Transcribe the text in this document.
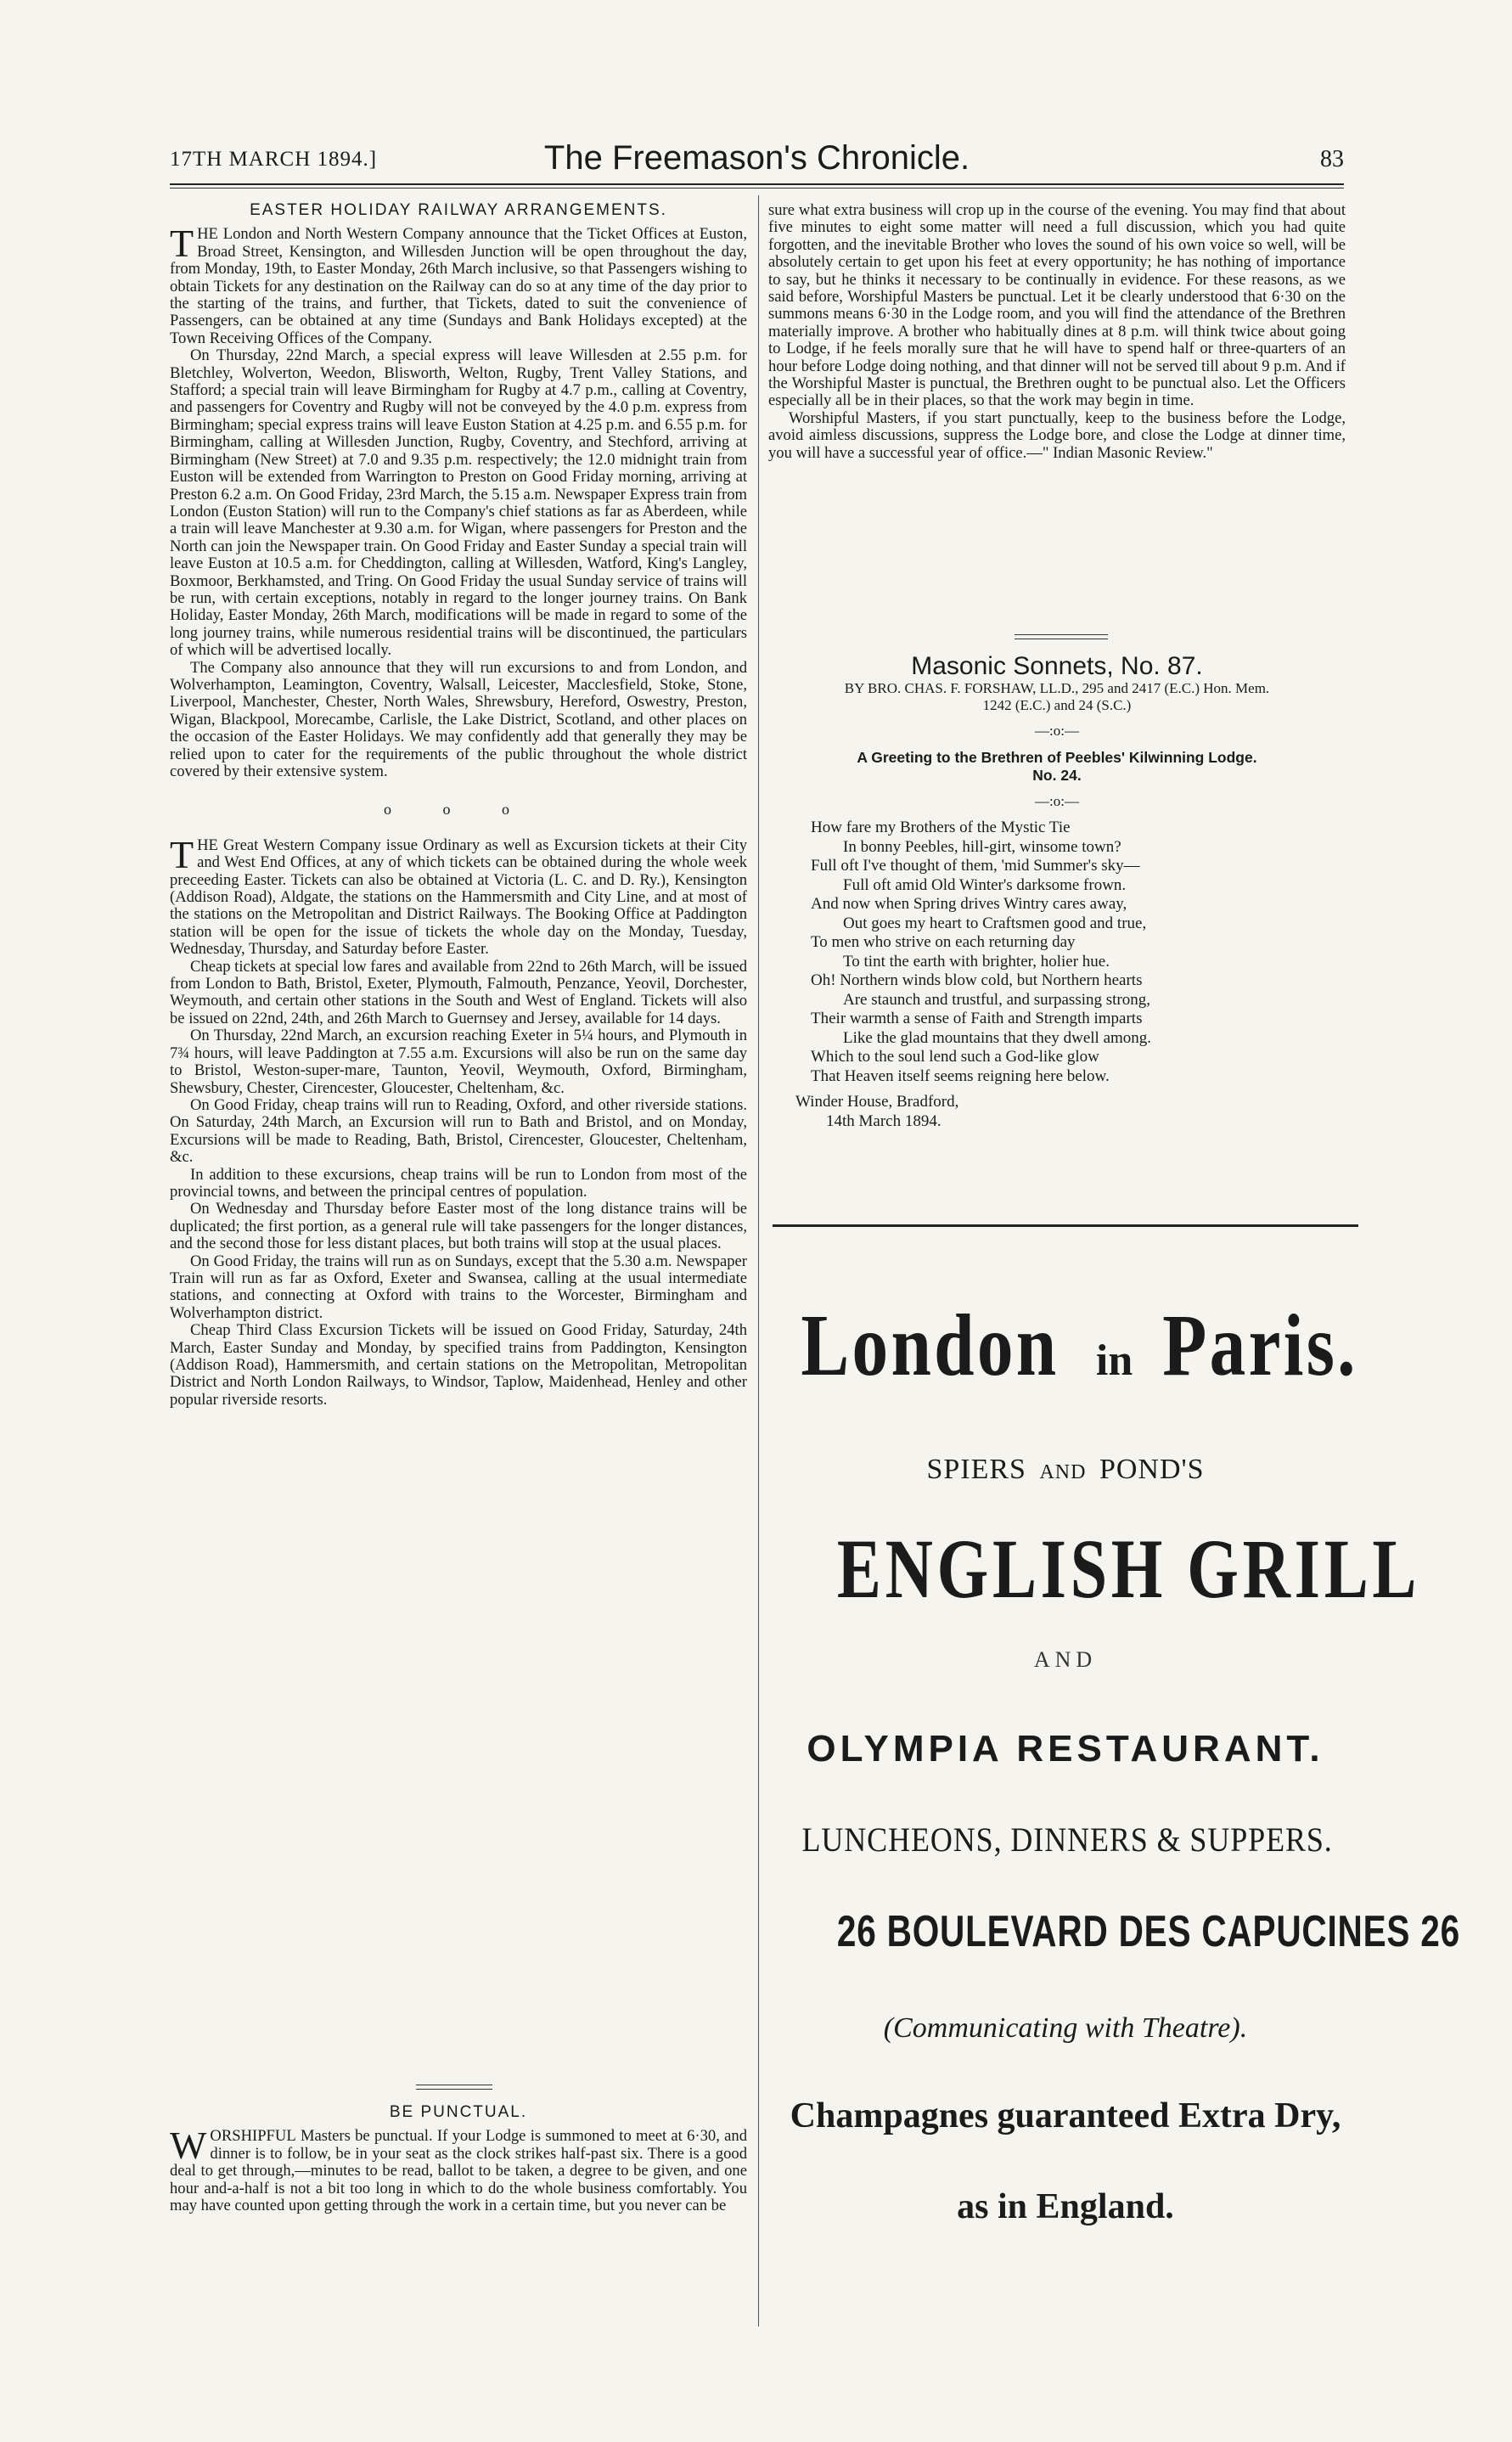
17TH MARCH 1894.]	The Freemason's Chronicle.	83
EASTER HOLIDAY RAILWAY ARRANGEMENTS.

THE London and North Western Company announce that the Ticket Offices at Euston, Broad Street, Kensington, and Willesden Junction will be open throughout the day, from Monday, 19th, to Easter Monday, 26th March inclusive, so that Passengers wishing to obtain Tickets for any destination on the Railway can do so at any time of the day prior to the starting of the trains, and further, that Tickets, dated to suit the convenience of Passengers, can be obtained at any time (Sundays and Bank Holidays excepted) at the Town Receiving Offices of the Company.

On Thursday, 22nd March, a special express will leave Willesden at 2.55 p.m. for Bletchley, Wolverton, Weedon, Blisworth, Welton, Rugby, Trent Valley Stations, and Stafford; a special train will leave Birmingham for Rugby at 4.7 p.m., calling at Coventry, and passengers for Coventry and Rugby will not be conveyed by the 4.0 p.m. express from Birmingham; special express trains will leave Euston Station at 4.25 p.m. and 6.55 p.m. for Birmingham, calling at Willesden Junction, Rugby, Coventry, and Stechford, arriving at Birmingham (New Street) at 7.0 and 9.35 p.m. respectively; the 12.0 midnight train from Euston will be extended from Warrington to Preston on Good Friday morning, arriving at Preston 6.2 a.m. On Good Friday, 23rd March, the 5.15 a.m. Newspaper Express train from London (Euston Station) will run to the Company's chief stations as far as Aberdeen, while a train will leave Manchester at 9.30 a.m. for Wigan, where passengers for Preston and the North can join the Newspaper train. On Good Friday and Easter Sunday a special train will leave Euston at 10.5 a.m. for Cheddington, calling at Willesden, Watford, King's Langley, Boxmoor, Berkhamsted, and Tring. On Good Friday the usual Sunday service of trains will be run, with certain exceptions, notably in regard to the longer journey trains. On Bank Holiday, Easter Monday, 26th March, modifications will be made in regard to some of the long journey trains, while numerous residential trains will be discontinued, the particulars of which will be advertised locally.

The Company also announce that they will run excursions to and from London, and Wolverhampton, Leamington, Coventry, Walsall, Leicester, Macclesfield, Stoke, Stone, Liverpool, Manchester, Chester, North Wales, Shrewsbury, Hereford, Oswestry, Preston, Wigan, Blackpool, Morecambe, Carlisle, the Lake District, Scotland, and other places on the occasion of the Easter Holidays. We may confidently add that generally they may be relied upon to cater for the requirements of the public throughout the whole district covered by their extensive system.

o o o

THE Great Western Company issue Ordinary as well as Excursion tickets at their City and West End Offices, at any of which tickets can be obtained during the whole week preceeding Easter. Tickets can also be obtained at Victoria (L. C. and D. Ry.), Kensington (Addison Road), Aldgate, the stations on the Hammersmith and City Line, and at most of the stations on the Metropolitan and District Railways. The Booking Office at Paddington station will be open for the issue of tickets the whole day on the Monday, Tuesday, Wednesday, Thursday, and Saturday before Easter.

Cheap tickets at special low fares and available from 22nd to 26th March, will be issued from London to Bath, Bristol, Exeter, Plymouth, Falmouth, Penzance, Yeovil, Dorchester, Weymouth, and certain other stations in the South and West of England. Tickets will also be issued on 22nd, 24th, and 26th March to Guernsey and Jersey, available for 14 days.

On Thursday, 22nd March, an excursion reaching Exeter in 5¼ hours, and Plymouth in 7¾ hours, will leave Paddington at 7.55 a.m. Excursions will also be run on the same day to Bristol, Weston-super-mare, Taunton, Yeovil, Weymouth, Oxford, Birmingham, Shewsbury, Chester, Cirencester, Gloucester, Cheltenham, &c.

On Good Friday, cheap trains will run to Reading, Oxford, and other riverside stations. On Saturday, 24th March, an Excursion will run to Bath and Bristol, and on Monday, Excursions will be made to Reading, Bath, Bristol, Cirencester, Gloucester, Cheltenham, &c.

In addition to these excursions, cheap trains will be run to London from most of the provincial towns, and between the principal centres of population.

On Wednesday and Thursday before Easter most of the long distance trains will be duplicated; the first portion, as a general rule will take passengers for the longer distances, and the second those for less distant places, but both trains will stop at the usual places.

On Good Friday, the trains will run as on Sundays, except that the 5.30 a.m. Newspaper Train will run as far as Oxford, Exeter and Swansea, calling at the usual intermediate stations, and connecting at Oxford with trains to the Worcester, Birmingham and Wolverhampton district.

Cheap Third Class Excursion Tickets will be issued on Good Friday, Saturday, 24th March, Easter Sunday and Monday, by specified trains from Paddington, Kensington (Addison Road), Hammersmith, and certain stations on the Metropolitan, Metropolitan District and North London Railways, to Windsor, Taplow, Maidenhead, Henley and other popular riverside resorts.

BE PUNCTUAL.

WORSHIPFUL Masters be punctual. If your Lodge is summoned to meet at 6·30, and dinner is to follow, be in your seat as the clock strikes half-past six. There is a good deal to get through,—minutes to be read, ballot to be taken, a degree to be given, and one hour and-a-half is not a bit too long in which to do the whole business comfortably. You may have counted upon getting through the work in a certain time, but you never can be

sure what extra business will crop up in the course of the evening. You may find that about five minutes to eight some matter will need a full discussion, which you had quite forgotten, and the inevitable Brother who loves the sound of his own voice so well, will be absolutely certain to get upon his feet at every opportunity; he has nothing of importance to say, but he thinks it necessary to be continually in evidence. For these reasons, as we said before, Worshipful Masters be punctual. Let it be clearly understood that 6·30 on the summons means 6·30 in the Lodge room, and you will find the attendance of the Brethren materially improve. A brother who habitually dines at 8 p.m. will think twice about going to Lodge, if he feels morally sure that he will have to spend half or three-quarters of an hour before Lodge doing nothing, and that dinner will not be served till about 9 p.m. And if the Worshipful Master is punctual, the Brethren ought to be punctual also. Let the Officers especially all be in their places, so that the work may begin in time.

Worshipful Masters, if you start punctually, keep to the business before the Lodge, avoid aimless discussions, suppress the Lodge bore, and close the Lodge at dinner time, you will have a successful year of office.—" Indian Masonic Review."

Masonic Sonnets, No. 87.
BY BRO. CHAS. F. FORSHAW, LL.D., 295 and 2417 (E.C.) Hon. Mem.
1242 (E.C.) and 24 (S.C.)
—:o:—
A Greeting to the Brethren of Peebles' Kilwinning Lodge.
No. 24.
—:o:—
How fare my Brothers of the Mystic Tie
In bonny Peebles, hill-girt, winsome town?
Full oft I've thought of them, 'mid Summer's sky—
Full oft amid Old Winter's darksome frown.
And now when Spring drives Wintry cares away,
Out goes my heart to Craftsmen good and true,
To men who strive on each returning day
To tint the earth with brighter, holier hue.
Oh! Northern winds blow cold, but Northern hearts
Are staunch and trustful, and surpassing strong,
Their warmth a sense of Faith and Strength imparts
Like the glad mountains that they dwell among.
Which to the soul lend such a God-like glow
That Heaven itself seems reigning here below.
Winder House, Bradford,
14th March 1894.
London in Paris.
SPIERS AND POND'S
ENGLISH GRILL
AND
OLYMPIA RESTAURANT.
LUNCHEONS, DINNERS & SUPPERS.
26 BOULEVARD DES CAPUCINES 26
(Communicating with Theatre).
Champagnes guaranteed Extra Dry,
as in England.
